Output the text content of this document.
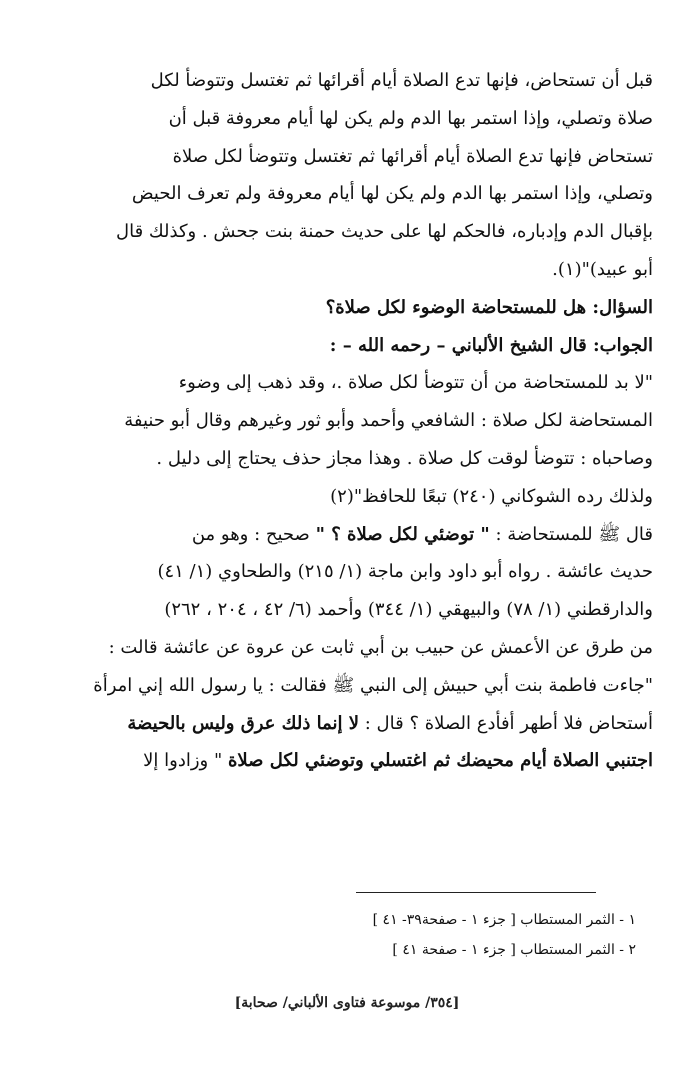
قبل أن تستحاض، فإنها تدع الصلاة أيام أقرائها ثم تغتسل وتتوضأ لكل
صلاة وتصلي، وإذا استمر بها الدم ولم يكن لها أيام معروفة قبل أن
تستحاض فإنها تدع الصلاة أيام أقرائها ثم تغتسل وتتوضأ لكل صلاة
وتصلي، وإذا استمر بها الدم ولم يكن لها أيام معروفة ولم تعرف الحيض
بإقبال الدم وإدباره، فالحكم لها على حديث حمنة بنت جحش . وكذلك قال
أبو عبيد)"(١).
السؤال: هل للمستحاضة الوضوء لكل صلاة؟
الجواب: قال الشيخ الألباني – رحمه الله – :
"لا بد للمستحاضة من أن تتوضأ لكل صلاة .، وقد ذهب إلى وضوء
المستحاضة لكل صلاة : الشافعي وأحمد وأبو ثور وغيرهم وقال أبو حنيفة
وصاحباه : تتوضأ لوقت كل صلاة . وهذا مجاز حذف يحتاج إلى دليل .
ولذلك رده الشوكاني (٢٤٠) تبعًا للحافظ"(٢)
قال ﷺ للمستحاضة : " توضئي لكل صلاة ؟ " صحيح : وهو من
حديث عائشة . رواه أبو داود وابن ماجة (١/ ٢١٥) والطحاوي (١/ ٤١)
والدارقطني (١/ ٧٨) والبيهقي (١/ ٣٤٤) وأحمد (٦/ ٤٢ ، ٢٠٤ ، ٢٦٢)
من طرق عن الأعمش عن حبيب بن أبي ثابت عن عروة عن عائشة قالت :
"جاءت فاطمة بنت أبي حبيش إلى النبي ﷺ فقالت : يا رسول الله إني امرأة
أستحاض فلا أطهر أفأدع الصلاة ؟ قال : لا إنما ذلك عرق وليس بالحيضة
اجتنبي الصلاة أيام محيضك ثم اغتسلي وتوضئي لكل صلاة " وزادوا إلا
١ - الثمر المستطاب [ جزء ١ - صفحة٣٩- ٤١ ]
٢ - الثمر المستطاب [ جزء ١ - صفحة ٤١ ]
[٣٥٤/ موسوعة فتاوى الألباني/ صحابة]
